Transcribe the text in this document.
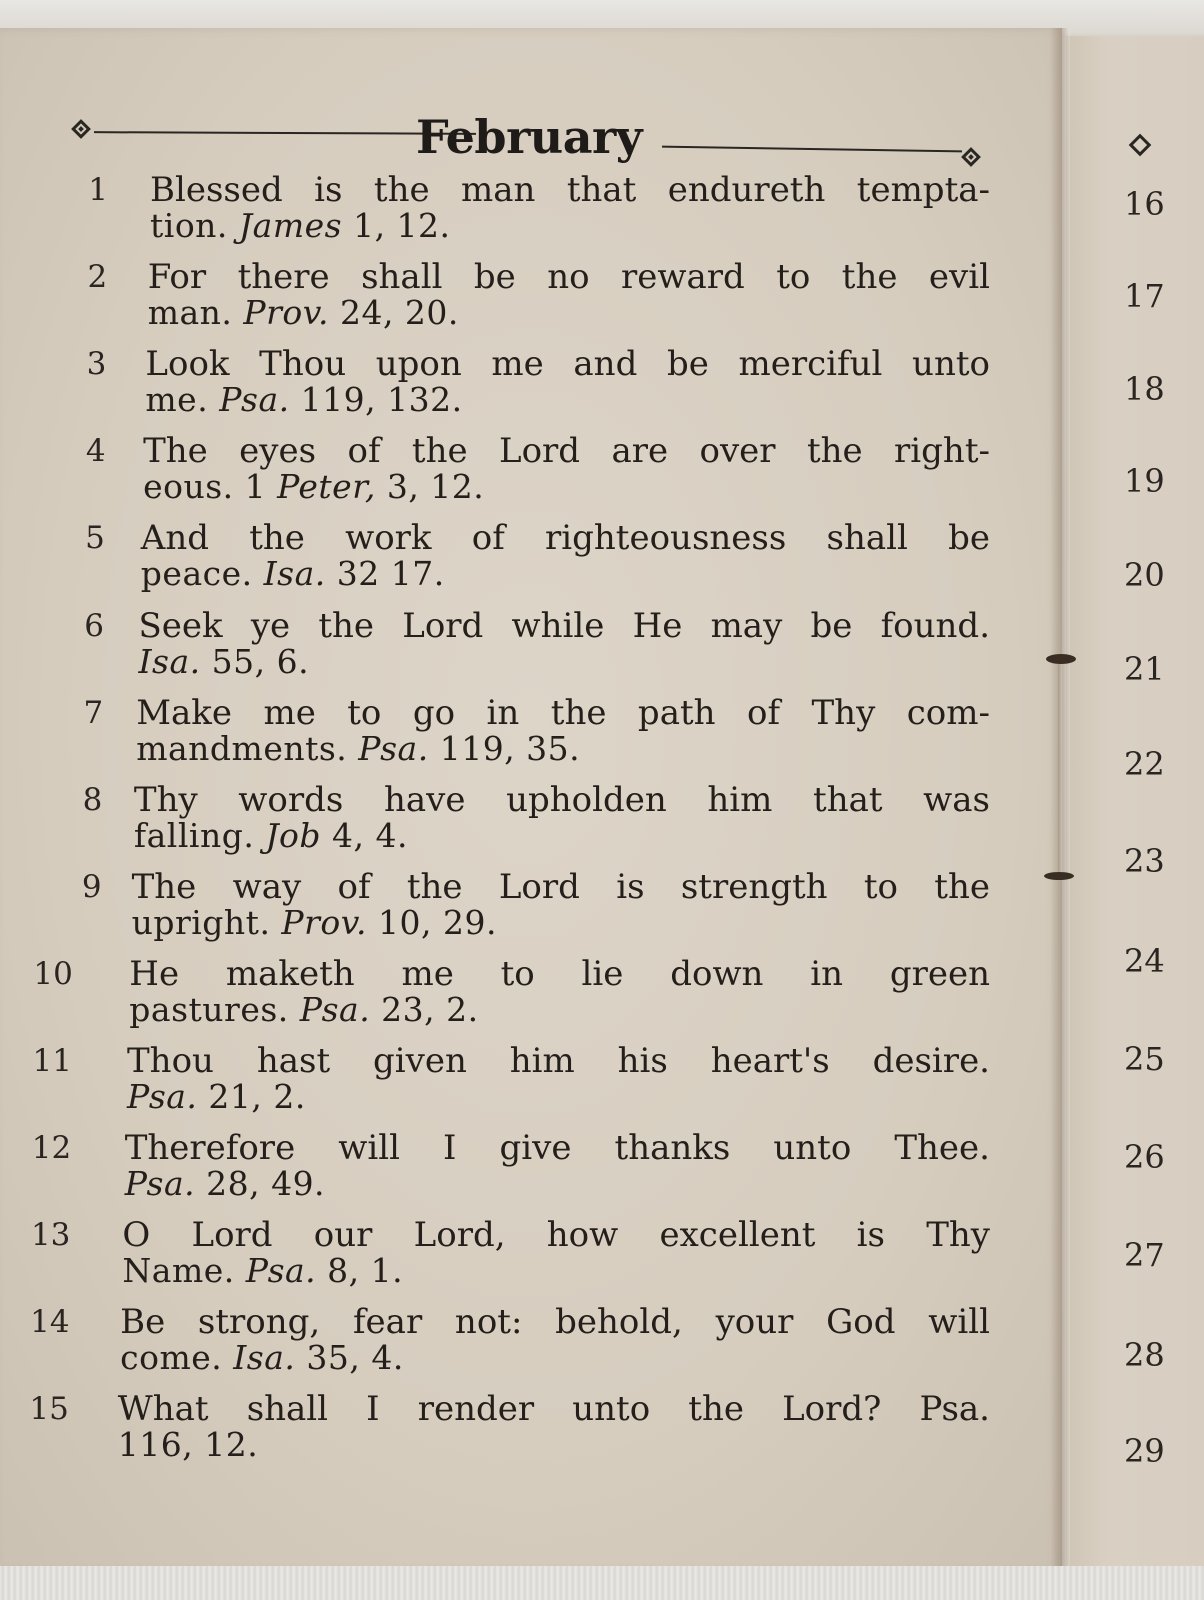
February
1 Blessed is the man that endureth tempta-
tion. James 1, 12.
2 For there shall be no reward to the evil
man. Prov. 24, 20.
3 Look Thou upon me and be merciful unto
me. Psa. 119, 132.
4 The eyes of the Lord are over the right-
eous. 1 Peter, 3, 12.
5 And the work of righteousness shall be
peace. Isa. 32 17.
6 Seek ye the Lord while He may be found.
Isa. 55, 6.
7 Make me to go in the path of Thy com-
mandments. Psa. 119, 35.
8 Thy words have upholden him that was
falling. Job 4, 4.
9 The way of the Lord is strength to the
upright. Prov. 10, 29.
10 He maketh me to lie down in green
pastures. Psa. 23, 2.
11 Thou hast given him his heart's desire.
Psa. 21, 2.
12 Therefore will I give thanks unto Thee.
Psa. 28, 49.
13 O Lord our Lord, how excellent is Thy
Name. Psa. 8, 1.
14 Be strong, fear not: behold, your God will
come. Isa. 35, 4.
15 What shall I render unto the Lord? Psa.
116, 12.
16
17
18
19
20
21
22
23
24
25
26
27
28
29
